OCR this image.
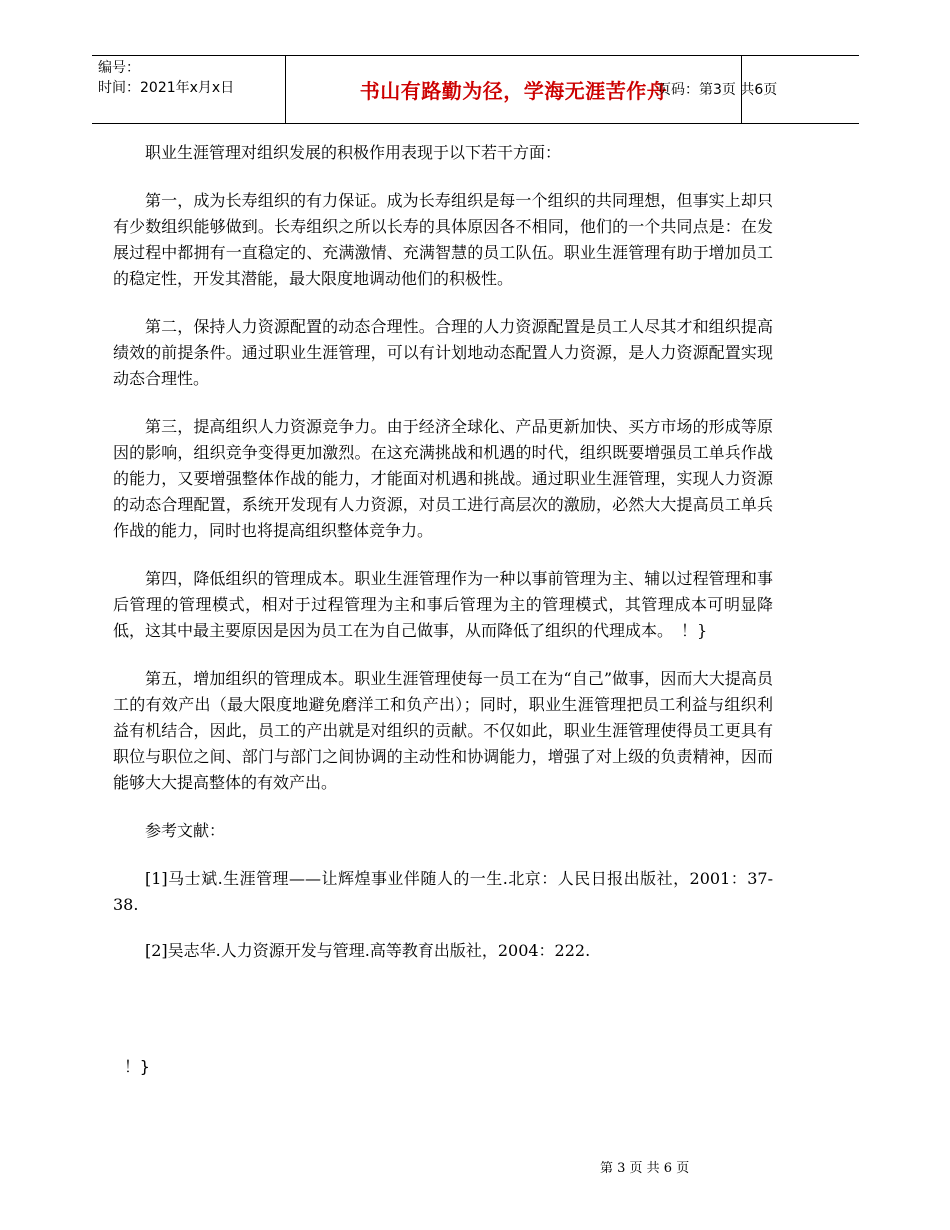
编号：
时间：2021年x月x日	书山有路勤为径，学海无涯苦作舟
页码：第3页 共6页

职业生涯管理对组织发展的积极作用表现于以下若干方面：

第一，成为长寿组织的有力保证。成为长寿组织是每一个组织的共同理想，但事实上却只有少数组织能够做到。长寿组织之所以长寿的具体原因各不相同，他们的一个共同点是：在发展过程中都拥有一直稳定的、充满激情、充满智慧的员工队伍。职业生涯管理有助于增加员工的稳定性，开发其潜能，最大限度地调动他们的积极性。

第二，保持人力资源配置的动态合理性。合理的人力资源配置是员工人尽其才和组织提高绩效的前提条件。通过职业生涯管理，可以有计划地动态配置人力资源，是人力资源配置实现动态合理性。

第三，提高组织人力资源竞争力。由于经济全球化、产品更新加快、买方市场的形成等原因的影响，组织竞争变得更加激烈。在这充满挑战和机遇的时代，组织既要增强员工单兵作战的能力，又要增强整体作战的能力，才能面对机遇和挑战。通过职业生涯管理，实现人力资源的动态合理配置，系统开发现有人力资源，对员工进行高层次的激励，必然大大提高员工单兵作战的能力，同时也将提高组织整体竞争力。

第四，降低组织的管理成本。职业生涯管理作为一种以事前管理为主、辅以过程管理和事后管理的管理模式，相对于过程管理为主和事后管理为主的管理模式，其管理成本可明显降低，这其中最主要原因是因为员工在为自己做事，从而降低了组织的代理成本。　！}

第五，增加组织的管理成本。职业生涯管理使每一员工在为“自己”做事，因而大大提高员工的有效产出（最大限度地避免磨洋工和负产出）；同时，职业生涯管理把员工利益与组织利益有机结合，因此，员工的产出就是对组织的贡献。不仅如此，职业生涯管理使得员工更具有职位与职位之间、部门与部门之间协调的主动性和协调能力，增强了对上级的负责精神，因而能够大大提高整体的有效产出。

参考文献：

[1]马士斌.生涯管理——让辉煌事业伴随人的一生.北京：人民日报出版社，2001：37-38.

[2]吴志华.人力资源开发与管理.高等教育出版社，2004：222.

！}
第 3 页 共 6 页
